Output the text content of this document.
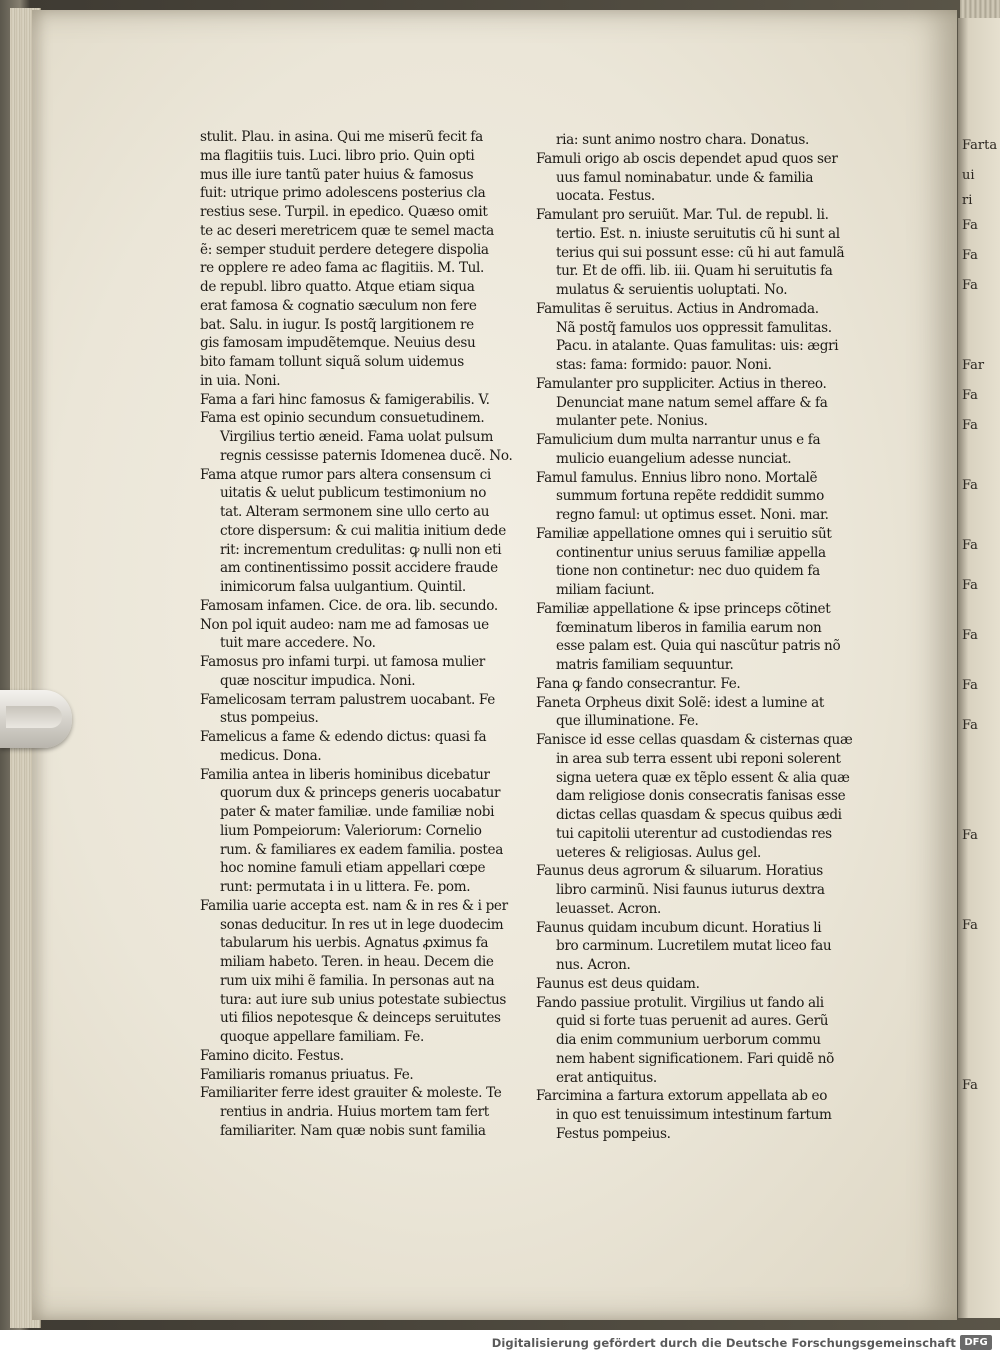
Farta
ui
ri
Fa
Fa
Fa
Far
Fa
Fa
Fa
Fa
Fa
Fa
Fa
Fa
Fa
Fa
Fa
stulit. Plau. in asina. Qui me miserũ fecit fa
ma flagitiis tuis. Luci. libro prio. Quin opti
mus ille iure tantũ pater huius & famosus
fuit: utrique primo adolescens posterius cla
restius sese. Turpil. in epedico. Quæso omit
te ac deseri meretricem quæ te semel macta
ẽ: semper studuit perdere detegere dispolia
re opplere re adeo fama ac flagitiis. M. Tul.
de republ. libro quatto. Atque etiam siqua
erat famosa & cognatio sæculum non fere
bat. Salu. in iugur. Is postq̃ largitionem re
gis famosam impudẽtemque. Neuius desu
bito famam tollunt siquã solum uidemus
in uia. Noni.
Fama a fari hinc famosus & famigerabilis. V.
Fama est opinio secundum consuetudinem.
Virgilius tertio æneid. Fama uolat pulsum
regnis cessisse paternis Idomenea ducẽ. No.
Fama atque rumor pars altera consensum ci
uitatis & uelut publicum testimonium no
tat. Alteram sermonem sine ullo certo au
ctore dispersum: & cui malitia initium dede
rit: incrementum credulitas: ꝙ nulli non eti
am continentissimo possit accidere fraude
inimicorum falsa uulgantium. Quintil.
Famosam infamen. Cice. de ora. lib. secundo.
Non pol iquit audeo: nam me ad famosas ue
tuit mare accedere. No.
Famosus pro infami turpi. ut famosa mulier
quæ noscitur impudica. Noni.
Famelicosam terram palustrem uocabant. Fe
stus pompeius.
Famelicus a fame & edendo dictus: quasi fa
medicus. Dona.
Familia antea in liberis hominibus dicebatur
quorum dux & princeps generis uocabatur
pater & mater familiæ. unde familiæ nobi
lium Pompeiorum: Valeriorum: Cornelio
rum. & familiares ex eadem familia. postea
hoc nomine famuli etiam appellari cœpe
runt: permutata i in u littera. Fe. pom.
Familia uarie accepta est. nam & in res & i per
sonas deducitur. In res ut in lege duodecim
tabularum his uerbis. Agnatus ꝓximus fa
miliam habeto. Teren. in heau. Decem die
rum uix mihi ẽ familia. In personas aut na
tura: aut iure sub unius potestate subiectus
uti filios nepotesque & deinceps seruitutes
quoque appellare familiam. Fe.
Famino dicito. Festus.
Familiaris romanus priuatus. Fe.
Familiariter ferre idest grauiter & moleste. Te
rentius in andria. Huius mortem tam fert
familiariter. Nam quæ nobis sunt familia
ria: sunt animo nostro chara. Donatus.
Famuli origo ab oscis dependet apud quos ser
uus famul nominabatur. unde & familia
uocata. Festus.
Famulant pro seruiũt. Mar. Tul. de republ. li.
tertio. Est. n. iniuste seruitutis cũ hi sunt al
terius qui sui possunt esse: cũ hi aut famulã
tur. Et de offi. lib. iii. Quam hi seruitutis fa
mulatus & seruientis uoluptati. No.
Famulitas ẽ seruitus. Actius in Andromada.
Nã postq̃ famulos uos oppressit famulitas.
Pacu. in atalante. Quas famulitas: uis: ægri
stas: fama: formido: pauor. Noni.
Famulanter pro suppliciter. Actius in thereo.
Denunciat mane natum semel affare & fa
mulanter pete. Nonius.
Famulicium dum multa narrantur unus e fa
mulicio euangelium adesse nunciat.
Famul famulus. Ennius libro nono. Mortalẽ
summum fortuna repẽte reddidit summo
regno famul: ut optimus esset. Noni. mar.
Familiæ appellatione omnes qui i seruitio sũt
continentur unius seruus familiæ appella
tione non continetur: nec duo quidem fa
miliam faciunt.
Familiæ appellatione & ipse princeps cõtinet
fœminatum liberos in familia earum non
esse palam est. Quia qui nascũtur patris nõ
matris familiam sequuntur.
Fana ꝙ fando consecrantur. Fe.
Faneta Orpheus dixit Solẽ: idest a lumine at
que illuminatione. Fe.
Fanisce id esse cellas quasdam & cisternas quæ
in area sub terra essent ubi reponi solerent
signa uetera quæ ex tẽplo essent & alia quæ
dam religiose donis consecratis fanisas esse
dictas cellas quasdam & specus quibus ædi
tui capitolii uterentur ad custodiendas res
ueteres & religiosas. Aulus gel.
Faunus deus agrorum & siluarum. Horatius
libro carminũ. Nisi faunus iuturus dextra
leuasset. Acron.
Faunus quidam incubum dicunt. Horatius li
bro carminum. Lucretilem mutat liceo fau
nus. Acron.
Faunus est deus quidam.
Fando passiue protulit. Virgilius ut fando ali
quid si forte tuas peruenit ad aures. Gerũ
dia enim communium uerborum commu
nem habent significationem. Fari quidẽ nõ
erat antiquitus.
Farcimina a fartura extorum appellata ab eo
in quo est tenuissimum intestinum fartum
Festus pompeius.
Digitalisierung gefördert durch die Deutsche Forschungsgemeinschaft DFG
